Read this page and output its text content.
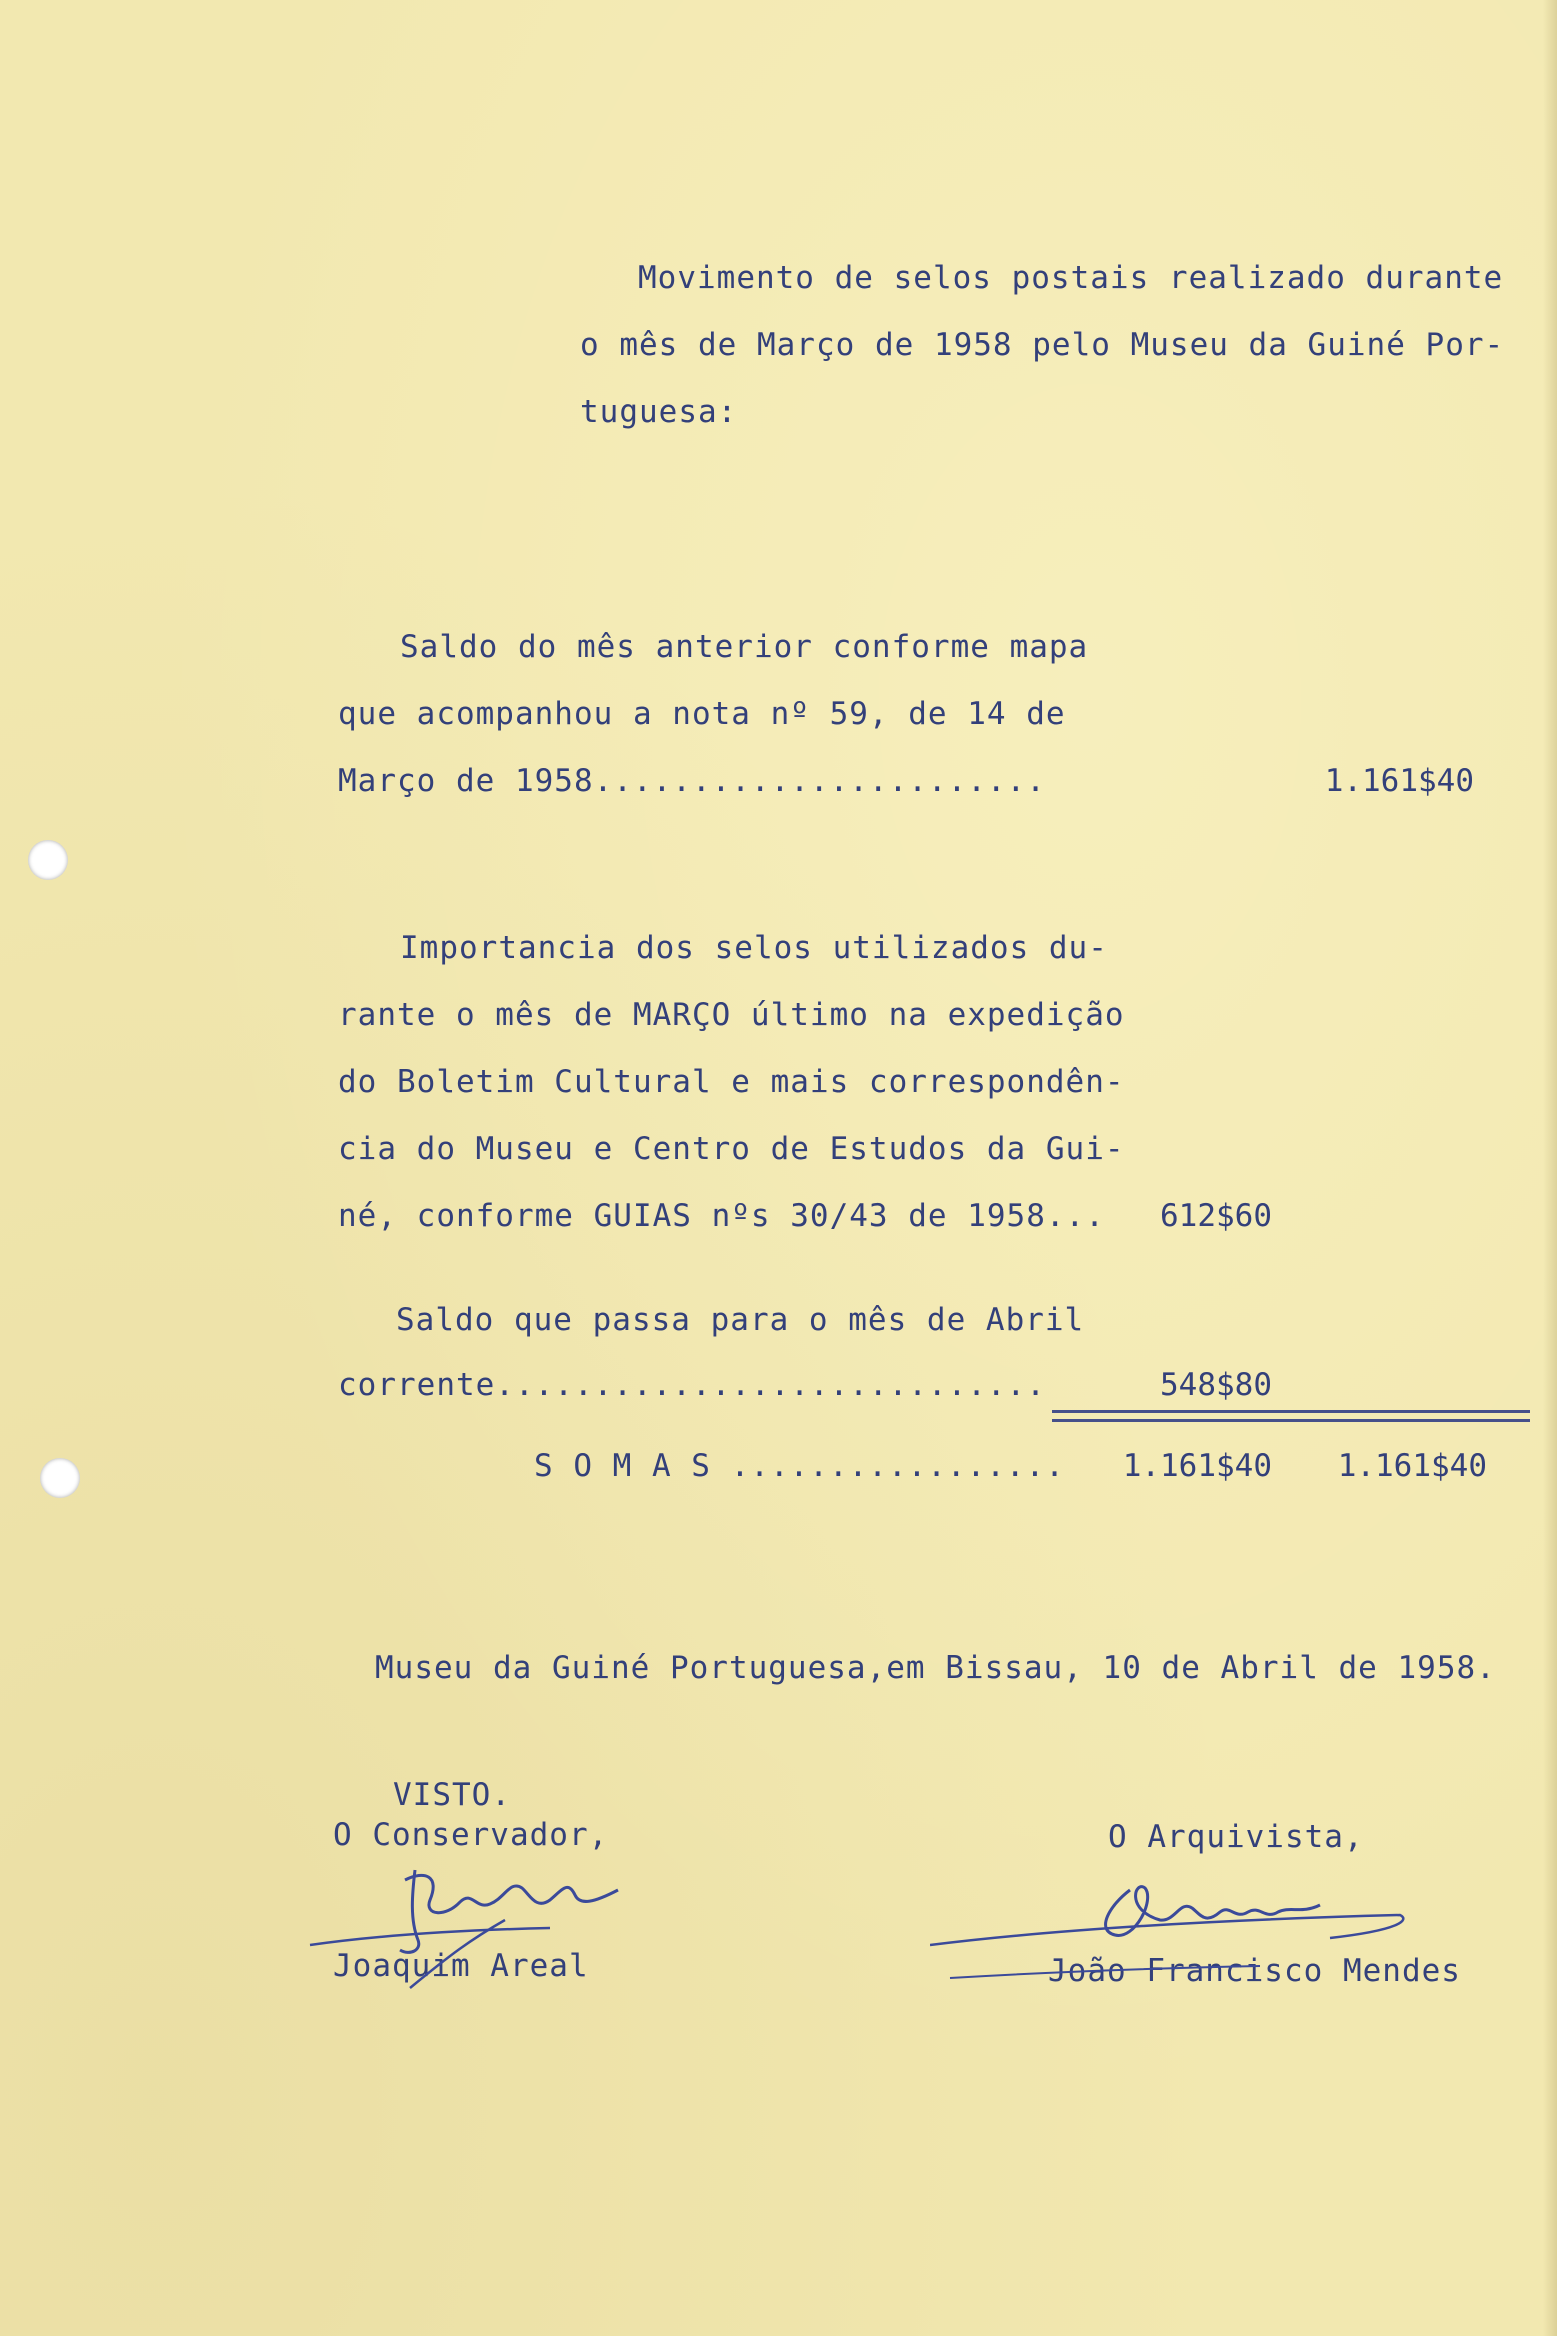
Movimento de selos postais realizado durante
o mês de Março de 1958 pelo Museu da Guiné Por-
tuguesa:
Saldo do mês anterior conforme mapa
que acompanhou a nota nº 59, de 14 de
Março de 1958.......................	1.161$40
Importancia dos selos utilizados du-
rante o mês de MARÇO último na expedição
do Boletim Cultural e mais correspondên-
cia do Museu e Centro de Estudos da Gui-
né, conforme GUIAS nºs 30/43 de 1958... 612$60
Saldo que passa para o mês de Abril
corrente............................	548$80
S O M A S ................. 1.161$40 1.161$40
Museu da Guiné Portuguesa,em Bissau, 10 de Abril de 1958.
VISTO.
O Conservador,
Joaquim Areal
O Arquivista,
João Francisco Mendes
